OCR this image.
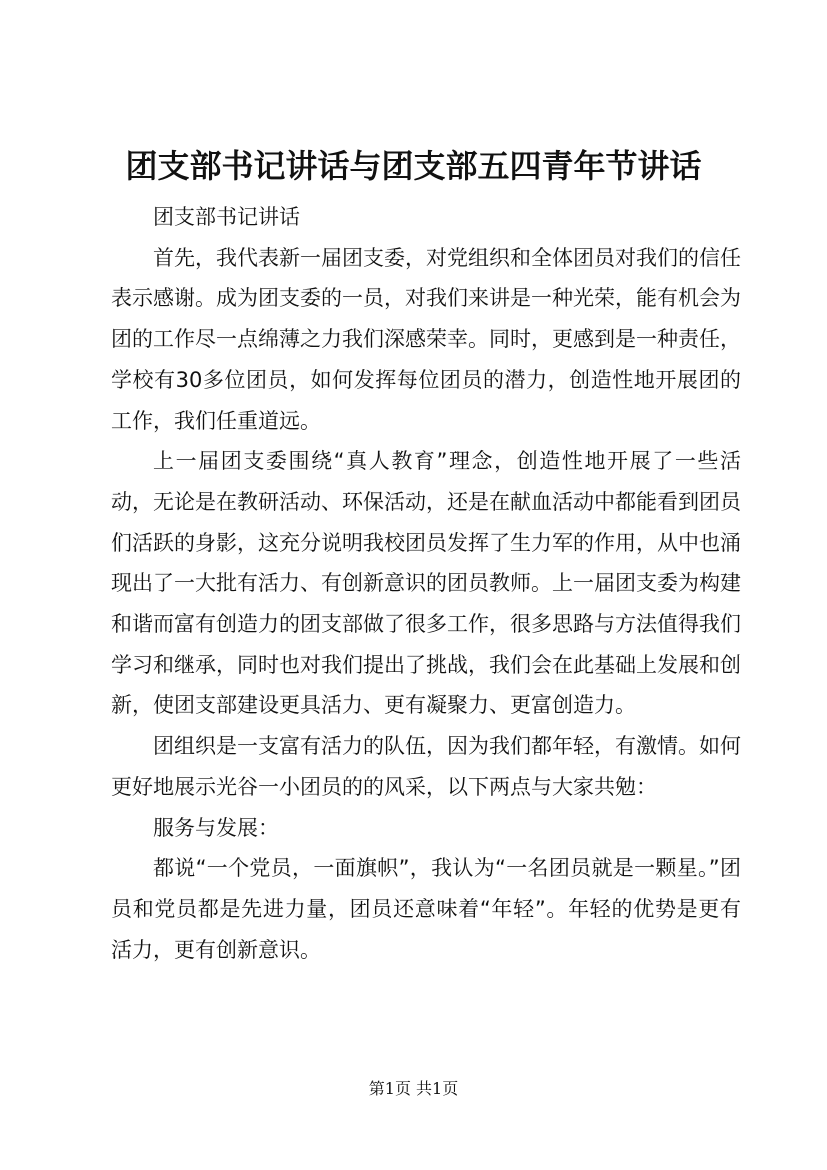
团支部书记讲话与团支部五四青年节讲话

团支部书记讲话

首先，我代表新一届团支委，对党组织和全体团员对我们的信任表示感谢。成为团支委的一员，对我们来讲是一种光荣，能有机会为团的工作尽一点绵薄之力我们深感荣幸。同时，更感到是一种责任，学校有30多位团员，如何发挥每位团员的潜力，创造性地开展团的工作，我们任重道远。

上一届团支委围绕“真人教育”理念，创造性地开展了一些活动，无论是在教研活动、环保活动，还是在献血活动中都能看到团员们活跃的身影，这充分说明我校团员发挥了生力军的作用，从中也涌现出了一大批有活力、有创新意识的团员教师。上一届团支委为构建和谐而富有创造力的团支部做了很多工作，很多思路与方法值得我们学习和继承，同时也对我们提出了挑战，我们会在此基础上发展和创新，使团支部建设更具活力、更有凝聚力、更富创造力。

团组织是一支富有活力的队伍，因为我们都年轻，有激情。如何更好地展示光谷一小团员的的风采，以下两点与大家共勉：

服务与发展：

都说“一个党员，一面旗帜”，我认为“一名团员就是一颗星。”团员和党员都是先进力量，团员还意味着“年轻”。年轻的优势是更有活力，更有创新意识。

第1页 共1页
